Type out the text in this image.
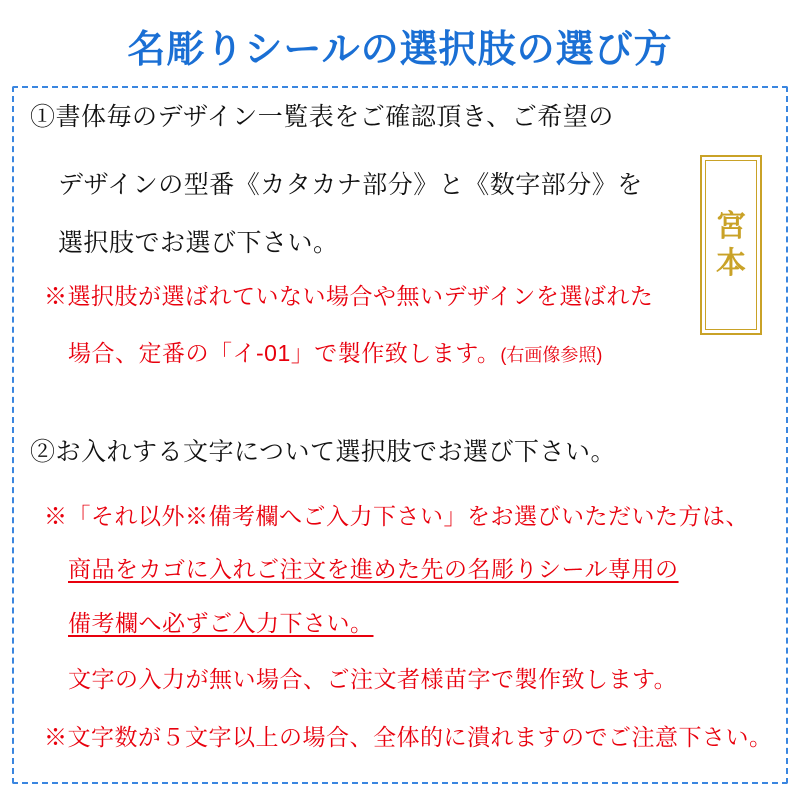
名彫りシールの選択肢の選び方
宮
本
①書体毎のデザイン一覧表をご確認頂き、ご希望の
デザインの型番《カタカナ部分》と《数字部分》を
選択肢でお選び下さい。
※選択肢が選ばれていない場合や無いデザインを選ばれた
場合、定番の「イ-01」で製作致します。(右画像参照)
②お入れする文字について選択肢でお選び下さい。
※「それ以外※備考欄へご入力下さい」をお選びいただいた方は、
商品をカゴに入れご注文を進めた先の名彫りシール専用の
備考欄へ必ずご入力下さい。
文字の入力が無い場合、ご注文者様苗字で製作致します。
※文字数が５文字以上の場合、全体的に潰れますのでご注意下さい。
